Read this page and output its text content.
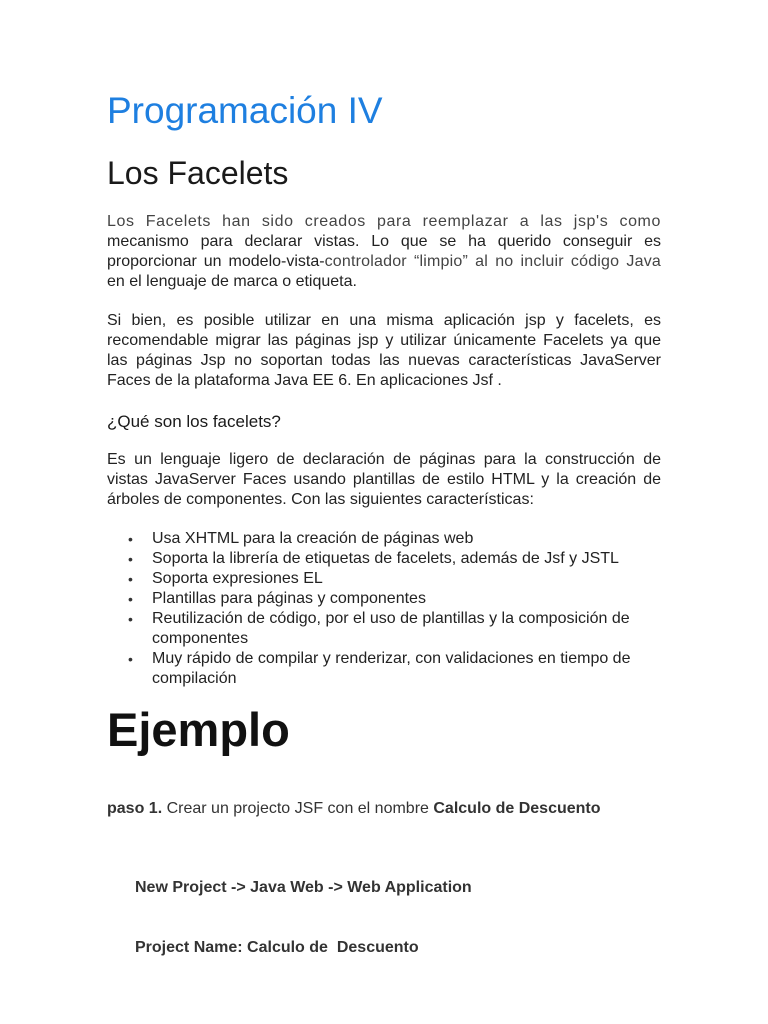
Programación IV
Los Facelets

Los Facelets han sido creados para reemplazar a las jsp's como mecanismo para declarar vistas. Lo que se ha querido conseguir es proporcionar un modelo-vista-controlador “limpio” al no incluir código Java en el lenguaje de marca o etiqueta.

Si bien, es posible utilizar en una misma aplicación jsp y facelets, es recomendable migrar las páginas jsp y utilizar únicamente Facelets ya que las páginas Jsp no soportan todas las nuevas características JavaServer Faces de la plataforma Java EE 6. En aplicaciones Jsf .

¿Qué son los facelets?

Es un lenguaje ligero de declaración de páginas para la construcción de vistas JavaServer Faces usando plantillas de estilo HTML y la creación de árboles de componentes. Con las siguientes características:

• Usa XHTML para la creación de páginas web
• Soporta la librería de etiquetas de facelets, además de Jsf y JSTL
• Soporta expresiones EL
• Plantillas para páginas y componentes
• Reutilización de código, por el uso de plantillas y la composición de componentes
• Muy rápido de compilar y renderizar, con validaciones en tiempo de compilación
Ejemplo

paso 1. Crear un projecto JSF con el nombre Calculo de Descuento

New Project -> Java Web -> Web Application

Project Name: Calculo de  Descuento
